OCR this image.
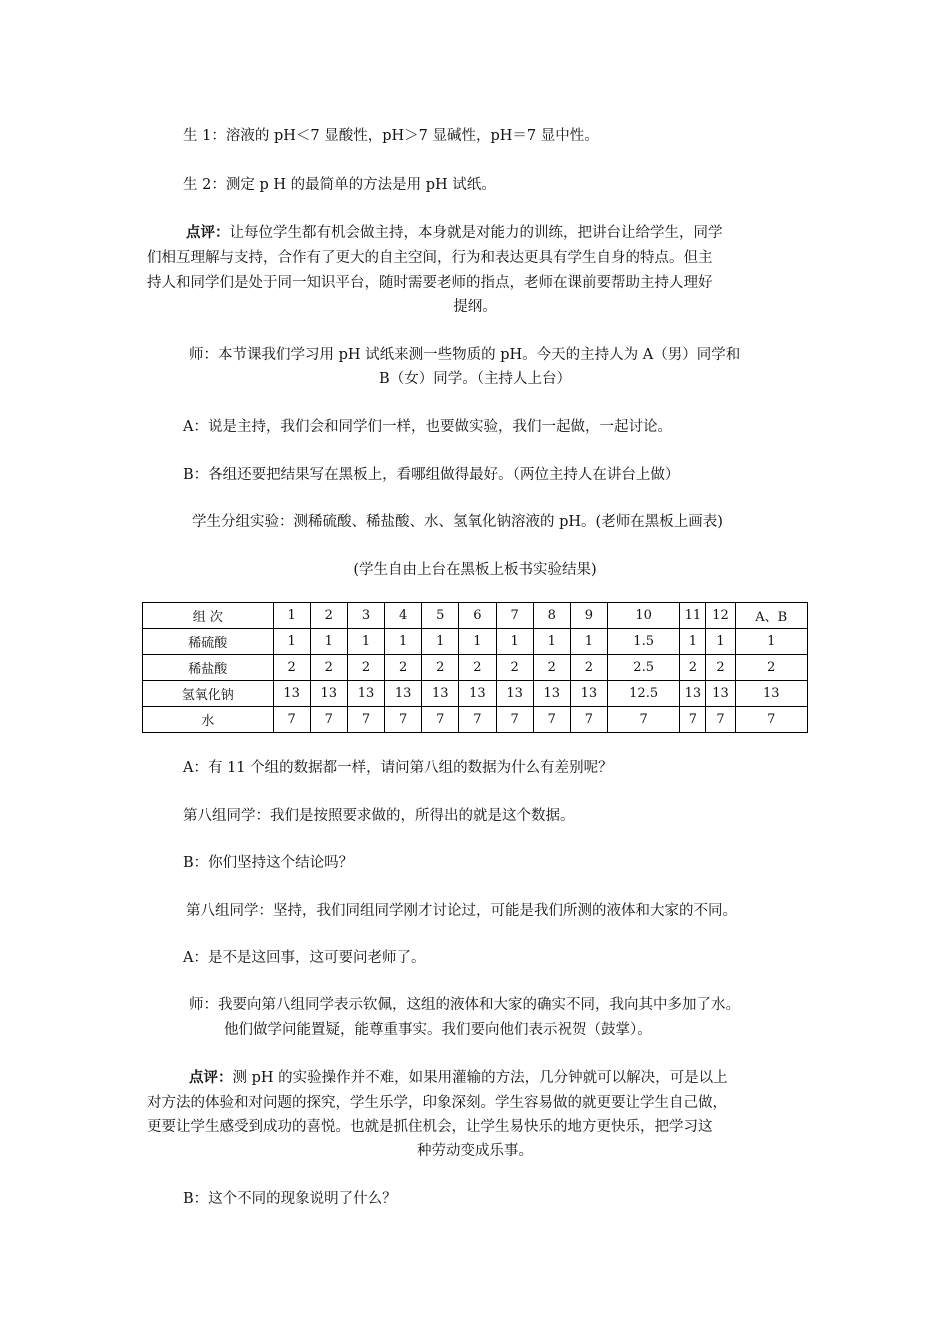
生 1：溶液的 pH＜7 显酸性，pH＞7 显碱性，pH＝7 显中性。
生 2：测定 p H 的最简单的方法是用 pH 试纸。
点评：让每位学生都有机会做主持，本身就是对能力的训练，把讲台让给学生，同学
们相互理解与支持，合作有了更大的自主空间，行为和表达更具有学生自身的特点。但主
持人和同学们是处于同一知识平台，随时需要老师的指点，老师在课前要帮助主持人理好
提纲。
师：本节课我们学习用 pH 试纸来测一些物质的 pH。今天的主持人为 A（男）同学和
B（女）同学。（主持人上台）
A：说是主持，我们会和同学们一样，也要做实验，我们一起做，一起讨论。
B：各组还要把结果写在黑板上，看哪组做得最好。（两位主持人在讲台上做）
学生分组实验：测稀硫酸、稀盐酸、水、氢氧化钠溶液的 pH。(老师在黑板上画表)
(学生自由上台在黑板上板书实验结果)
组 次	1	2	3	4	5	6	7	8	9	10	11	12	A、B
稀硫酸	1	1	1	1	1	1	1	1	1	1.5	1	1	1
稀盐酸	2	2	2	2	2	2	2	2	2	2.5	2	2	2
氢氧化钠	13	13	13	13	13	13	13	13	13	12.5	13	13	13
水	7	7	7	7	7	7	7	7	7	7	7	7	7
A：有 11 个组的数据都一样，请问第八组的数据为什么有差别呢？
第八组同学：我们是按照要求做的，所得出的就是这个数据。
B：你们坚持这个结论吗？
第八组同学：坚持，我们同组同学刚才讨论过，可能是我们所测的液体和大家的不同。
A：是不是这回事，这可要问老师了。
师：我要向第八组同学表示钦佩，这组的液体和大家的确实不同，我向其中多加了水。
他们做学问能置疑，能尊重事实。我们要向他们表示祝贺（鼓掌）。
点评：测 pH 的实验操作并不难，如果用灌输的方法，几分钟就可以解决，可是以上
对方法的体验和对问题的探究，学生乐学，印象深刻。学生容易做的就更要让学生自己做，
更要让学生感受到成功的喜悦。也就是抓住机会，让学生易快乐的地方更快乐，把学习这
种劳动变成乐事。
B：这个不同的现象说明了什么？
